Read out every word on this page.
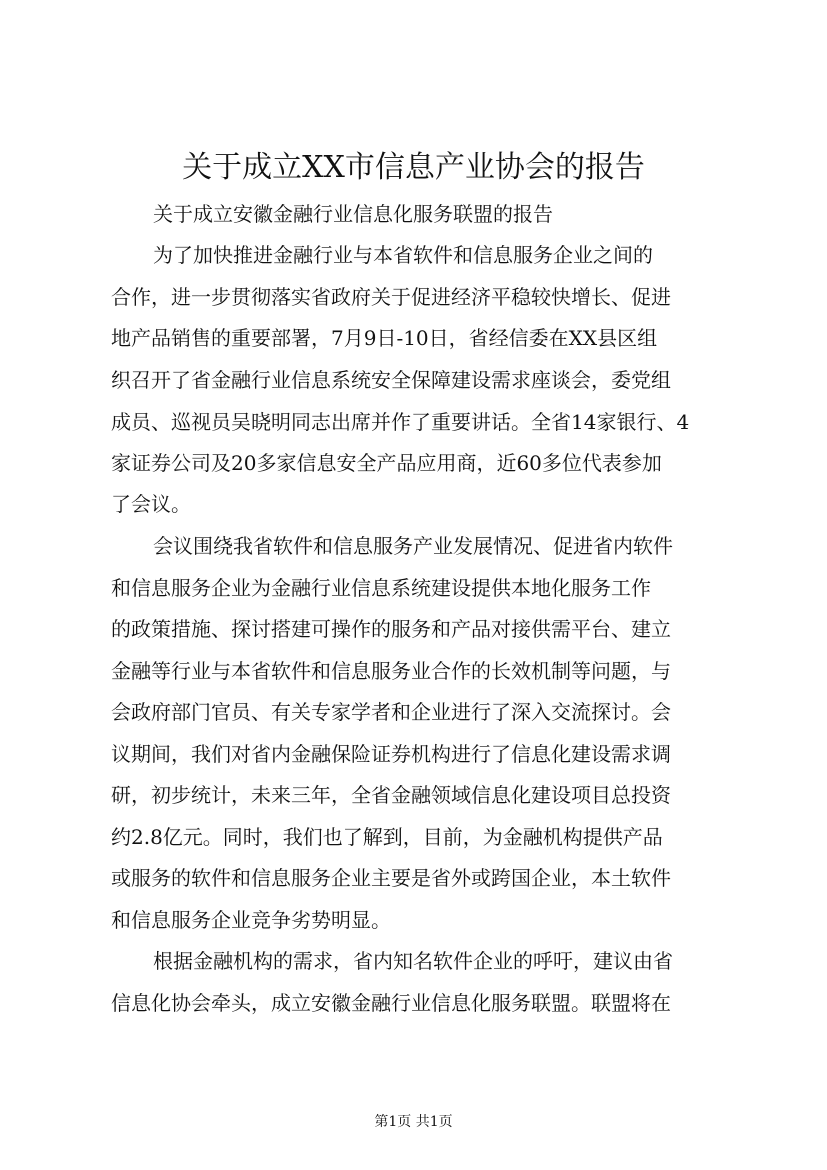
关于成立XX市信息产业协会的报告

关于成立安徽金融行业信息化服务联盟的报告

为了加快推进金融行业与本省软件和信息服务企业之间的

合作，进一步贯彻落实省政府关于促进经济平稳较快增长、促进

地产品销售的重要部署，7月9日-10日，省经信委在XX县区组

织召开了省金融行业信息系统安全保障建设需求座谈会，委党组

成员、巡视员吴晓明同志出席并作了重要讲话。全省14家银行、4

家证券公司及20多家信息安全产品应用商，近60多位代表参加

了会议。

会议围绕我省软件和信息服务产业发展情况、促进省内软件

和信息服务企业为金融行业信息系统建设提供本地化服务工作

的政策措施、探讨搭建可操作的服务和产品对接供需平台、建立

金融等行业与本省软件和信息服务业合作的长效机制等问题，与

会政府部门官员、有关专家学者和企业进行了深入交流探讨。会

议期间，我们对省内金融保险证券机构进行了信息化建设需求调

研，初步统计，未来三年，全省金融领域信息化建设项目总投资

约2.8亿元。同时，我们也了解到，目前，为金融机构提供产品

或服务的软件和信息服务企业主要是省外或跨国企业，本土软件

和信息服务企业竞争劣势明显。

根据金融机构的需求，省内知名软件企业的呼吁，建议由省

信息化协会牵头，成立安徽金融行业信息化服务联盟。联盟将在

第1页 共1页
